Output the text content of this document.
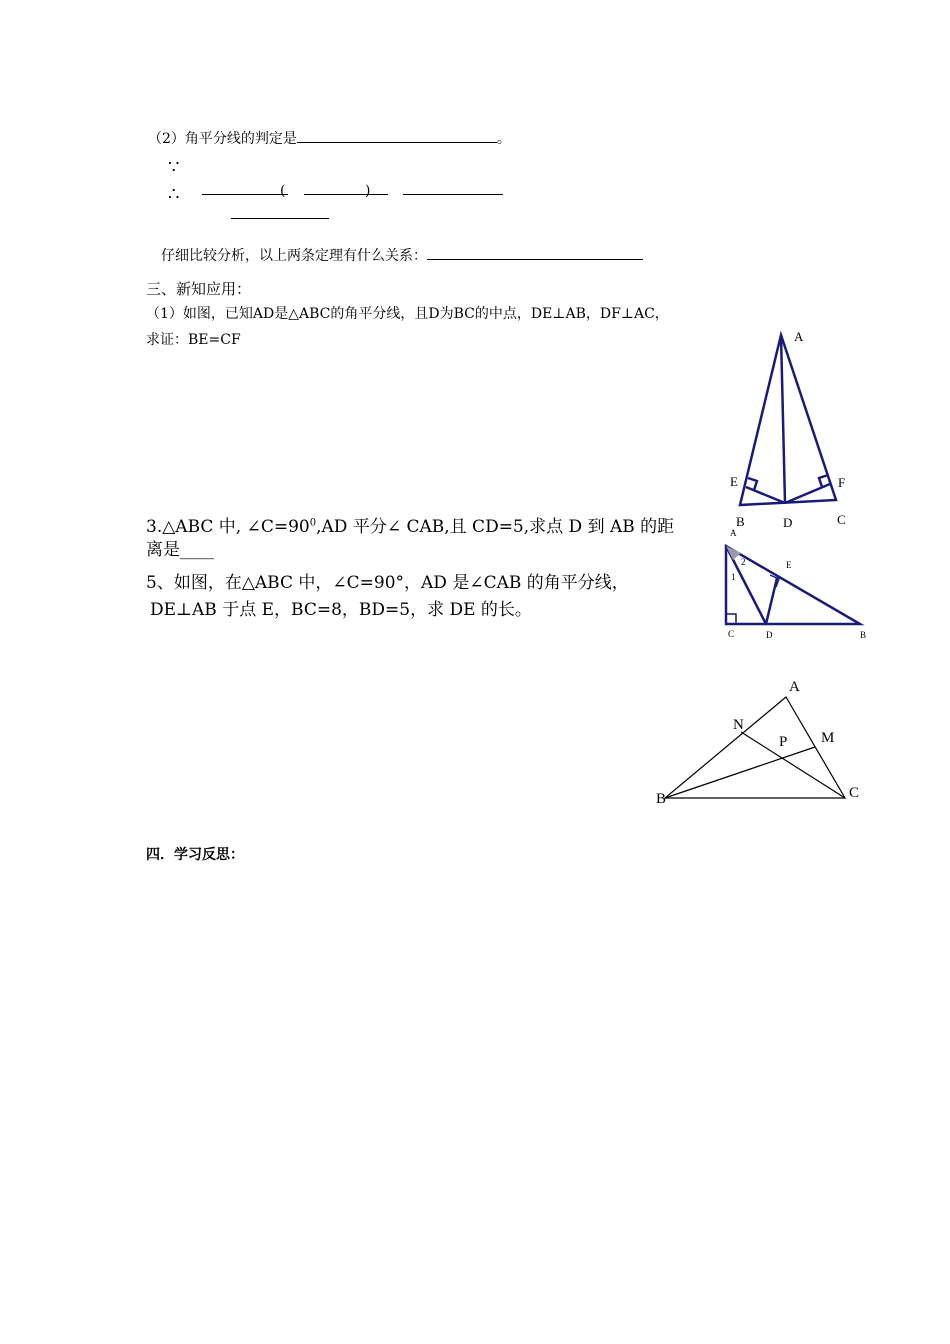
（2）角平分线的判定是	。
∵
∴	(	)
仔细比较分析，以上两条定理有什么关系：
三、新知应用：
（1）如图，已知AD是△ABC的角平分线，且D为BC的中点，DE⊥AB，DF⊥AC，
求证：BE=CF
3.△ABC 中, $\angle C=90^0,AD$ 平分∠ CAB,且 CD=5,求点 D 到 AB 的距
离是____
5、如图，在△ABC 中，∠C=90°，AD 是∠CAB 的角平分线，
DE⊥AB 于点 E，BC=8，BD=5，求 DE 的长。
A
E	F
B	D	C
A
E
2
1
C	D	B
A
N
M
P
B	C
四．学习反思：
